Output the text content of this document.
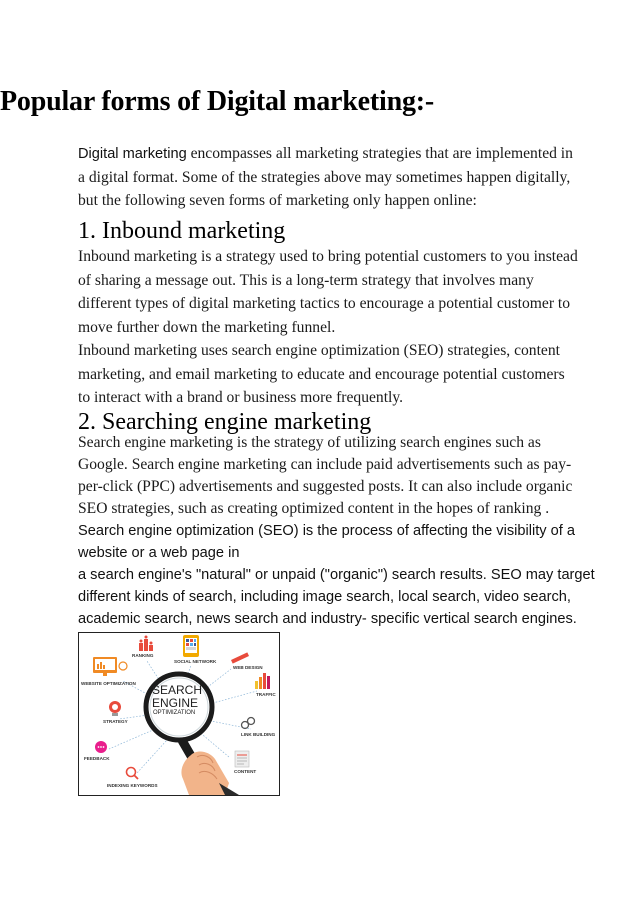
Popular forms of Digital marketing:-

Digital marketing encompasses all marketing strategies that are implemented in
a digital format. Some of the strategies above may sometimes happen digitally,
but the following seven forms of marketing only happen online:

1. Inbound marketing

Inbound marketing is a strategy used to bring potential customers to you instead
of sharing a message out. This is a long-term strategy that involves many
different types of digital marketing tactics to encourage a potential customer to
move further down the marketing funnel.
Inbound marketing uses search engine optimization (SEO) strategies, content
marketing, and email marketing to educate and encourage potential customers
to interact with a brand or business more frequently.

2. Searching engine marketing

Search engine marketing is the strategy of utilizing search engines such as
Google. Search engine marketing can include paid advertisements such as pay-
per-click (PPC) advertisements and suggested posts. It can also include organic
SEO strategies, such as creating optimized content in the hopes of ranking .

Search engine optimization (SEO) is the process of affecting the visibility of a
website or a web page in
a search engine's "natural" or unpaid ("organic") search results. SEO may target
different kinds of search, including image search, local search, video search,
academic search, news search and industry- specific vertical search engines.

SEARCH
ENGINE
OPTIMIZATION
RANKING
SOCIAL NETWORK
WEB DESIGN
WEBSITE OPTIMIZATION
TRAFFIC
STRATEGY
LINK BUILDING
FEEDBACK
CONTENT
INDEXING KEYWORDS
